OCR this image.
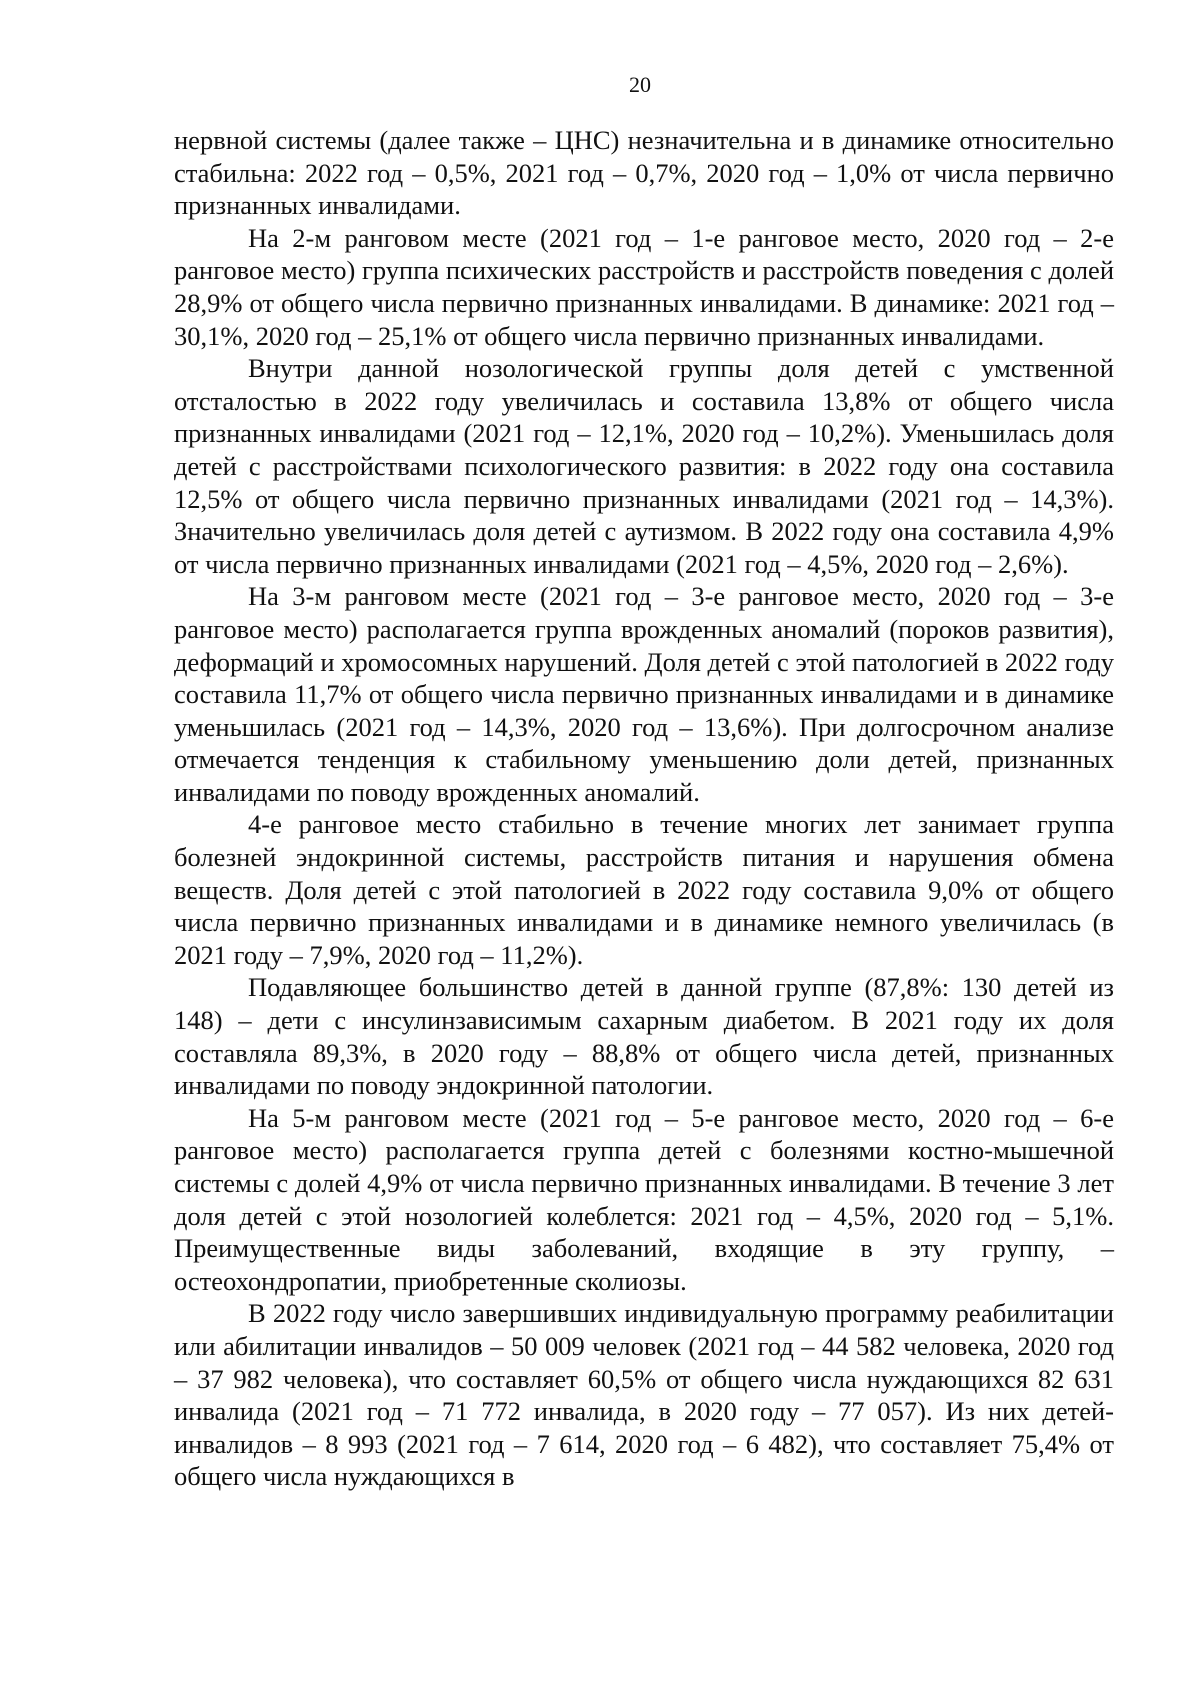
20

нервной системы (далее также – ЦНС) незначительна и в динамике относительно стабильна: 2022 год – 0,5%, 2021 год – 0,7%, 2020 год – 1,0% от числа первично признанных инвалидами.

На 2-м ранговом месте (2021 год – 1-е ранговое место, 2020 год – 2-е ранговое место) группа психических расстройств и расстройств поведения с долей 28,9% от общего числа первично признанных инвалидами. В динамике: 2021 год – 30,1%, 2020 год – 25,1% от общего числа первично признанных инвалидами.

Внутри данной нозологической группы доля детей с умственной отсталостью в 2022 году увеличилась и составила 13,8% от общего числа признанных инвалидами (2021 год – 12,1%, 2020 год – 10,2%). Уменьшилась доля детей с расстройствами психологического развития: в 2022 году она составила 12,5% от общего числа первично признанных инвалидами (2021 год – 14,3%). Значительно увеличилась доля детей с аутизмом. В 2022 году она составила 4,9% от числа первично признанных инвалидами (2021 год – 4,5%, 2020 год – 2,6%).

На 3-м ранговом месте (2021 год – 3-е ранговое место, 2020 год – 3-е ранговое место) располагается группа врожденных аномалий (пороков развития), деформаций и хромосомных нарушений. Доля детей с этой патологией в 2022 году составила 11,7% от общего числа первично признанных инвалидами и в динамике уменьшилась (2021 год – 14,3%, 2020 год – 13,6%). При долгосрочном анализе отмечается тенденция к стабильному уменьшению доли детей, признанных инвалидами по поводу врожденных аномалий.

4-е ранговое место стабильно в течение многих лет занимает группа болезней эндокринной системы, расстройств питания и нарушения обмена веществ. Доля детей с этой патологией в 2022 году составила 9,0% от общего числа первично признанных инвалидами и в динамике немного увеличилась (в 2021 году – 7,9%, 2020 год – 11,2%).

Подавляющее большинство детей в данной группе (87,8%: 130 детей из 148) – дети с инсулинзависимым сахарным диабетом. В 2021 году их доля составляла 89,3%, в 2020 году – 88,8% от общего числа детей, признанных инвалидами по поводу эндокринной патологии.

На 5-м ранговом месте (2021 год – 5-е ранговое место, 2020 год – 6-е ранговое место) располагается группа детей с болезнями костно-мышечной системы с долей 4,9% от числа первично признанных инвалидами. В течение 3 лет доля детей с этой нозологией колеблется: 2021 год – 4,5%, 2020 год – 5,1%. Преимущественные виды заболеваний, входящие в эту группу, – остеохондропатии, приобретенные сколиозы.

В 2022 году число завершивших индивидуальную программу реабилитации или абилитации инвалидов – 50 009 человек (2021 год – 44 582 человека, 2020 год – 37 982 человека), что составляет 60,5% от общего числа нуждающихся 82 631 инвалида (2021 год – 71 772 инвалида, в 2020 году – 77 057). Из них детей-инвалидов – 8 993 (2021 год – 7 614, 2020 год – 6 482), что составляет 75,4% от общего числа нуждающихся в
